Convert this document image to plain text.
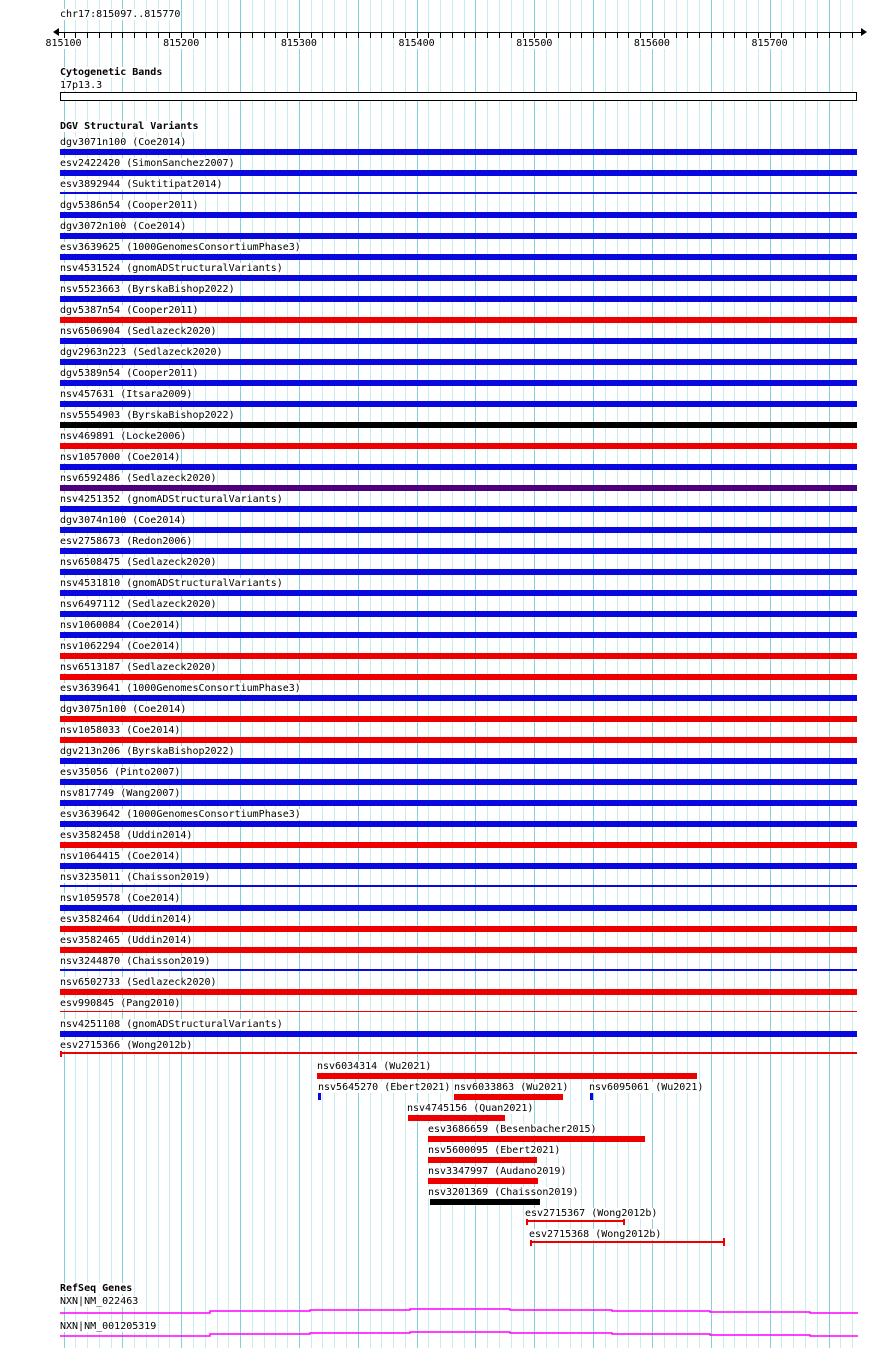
chr17:815097..815770
815100	815200	815300	815400	815500	815600	815700
Cytogenetic Bands
17p13.3
DGV Structural Variants
dgv3071n100 (Coe2014)
esv2422420 (SimonSanchez2007)
esv3892944 (Suktitipat2014)
dgv5386n54 (Cooper2011)
dgv3072n100 (Coe2014)
esv3639625 (1000GenomesConsortiumPhase3)
nsv4531524 (gnomADStructuralVariants)
nsv5523663 (ByrskaBishop2022)
dgv5387n54 (Cooper2011)
nsv6506904 (Sedlazeck2020)
dgv2963n223 (Sedlazeck2020)
dgv5389n54 (Cooper2011)
nsv457631 (Itsara2009)
nsv5554903 (ByrskaBishop2022)
nsv469891 (Locke2006)
nsv1057000 (Coe2014)
nsv6592486 (Sedlazeck2020)
nsv4251352 (gnomADStructuralVariants)
dgv3074n100 (Coe2014)
esv2758673 (Redon2006)
nsv6508475 (Sedlazeck2020)
nsv4531810 (gnomADStructuralVariants)
nsv6497112 (Sedlazeck2020)
nsv1060084 (Coe2014)
nsv1062294 (Coe2014)
nsv6513187 (Sedlazeck2020)
esv3639641 (1000GenomesConsortiumPhase3)
dgv3075n100 (Coe2014)
nsv1058033 (Coe2014)
dgv213n206 (ByrskaBishop2022)
esv35056 (Pinto2007)
nsv817749 (Wang2007)
esv3639642 (1000GenomesConsortiumPhase3)
esv3582458 (Uddin2014)
nsv1064415 (Coe2014)
nsv3235011 (Chaisson2019)
nsv1059578 (Coe2014)
esv3582464 (Uddin2014)
esv3582465 (Uddin2014)
nsv3244870 (Chaisson2019)
nsv6502733 (Sedlazeck2020)
esv990845 (Pang2010)
nsv4251108 (gnomADStructuralVariants)
esv2715366 (Wong2012b)
nsv6034314 (Wu2021)
nsv5645270 (Ebert2021) nsv6033863 (Wu2021) nsv6095061 (Wu2021)
nsv4745156 (Quan2021)
esv3686659 (Besenbacher2015)
nsv5600095 (Ebert2021)
nsv3347997 (Audano2019)
nsv3201369 (Chaisson2019)
esv2715367 (Wong2012b)
esv2715368 (Wong2012b)
RefSeq Genes
NXN|NM_022463
NXN|NM_001205319
